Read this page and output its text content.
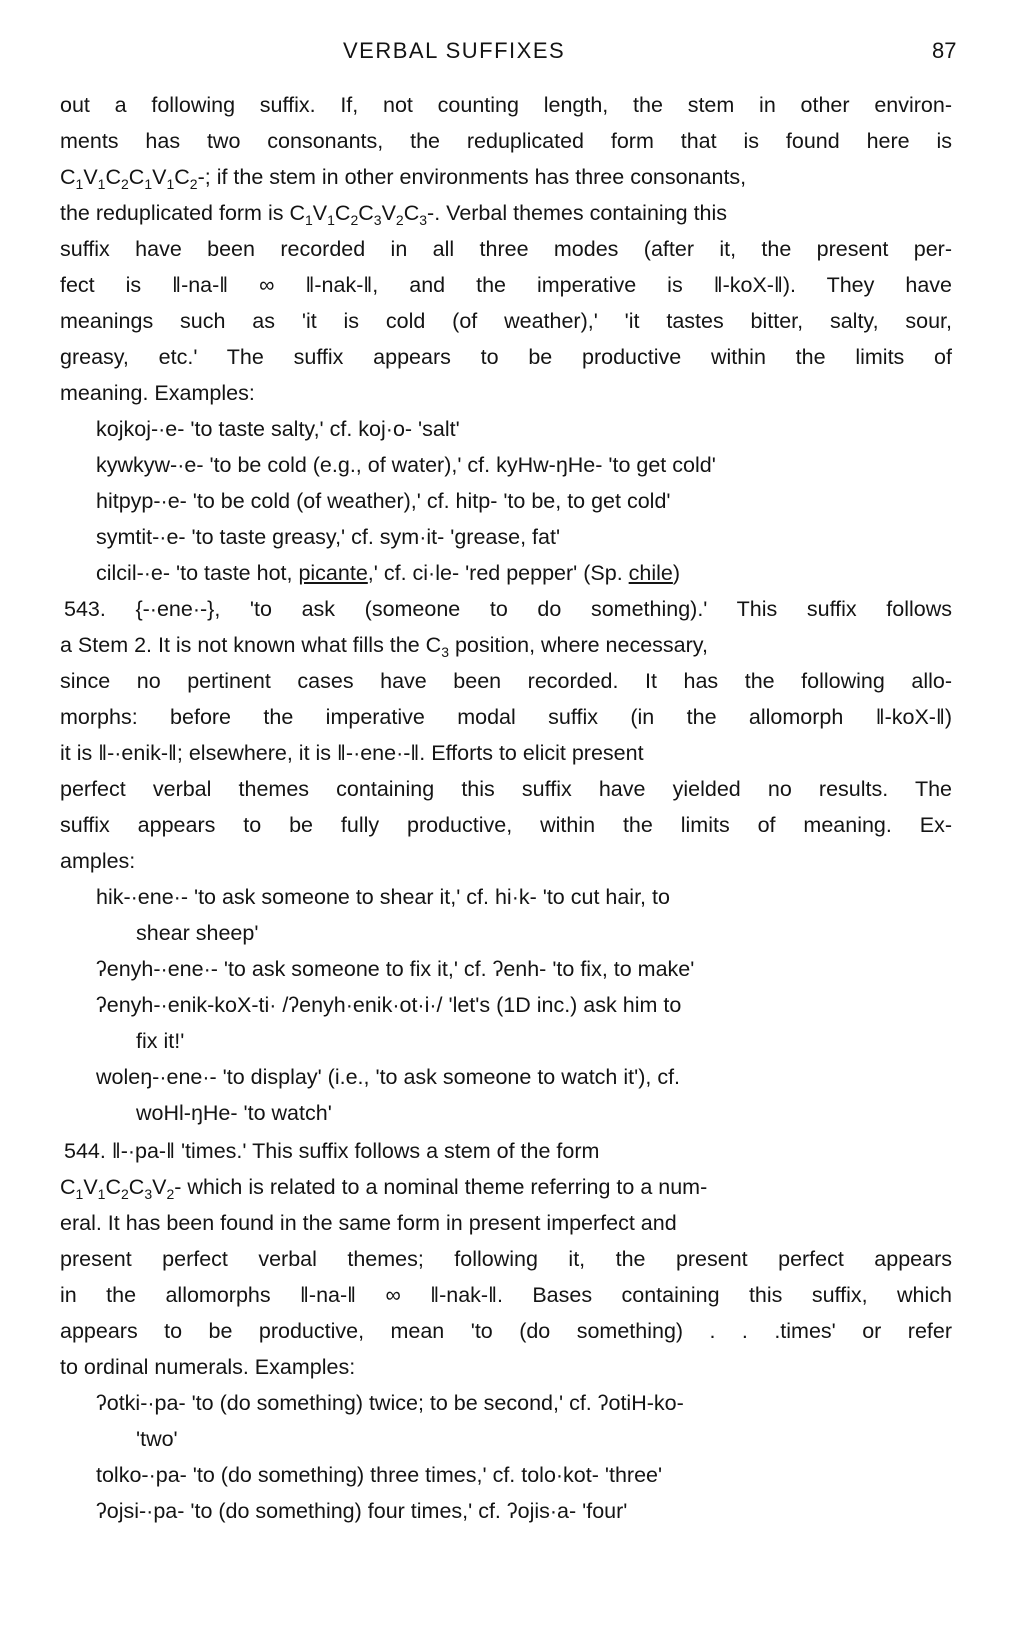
VERBAL SUFFIXES	87
out a following suffix. If, not counting length, the stem in other environ-
ments has two consonants, the reduplicated form that is found here is
$C_1V_1C_2C_1V_1C_2-$; if the stem in other environments has three consonants,
the reduplicated form is $C_1V_1C_2C_3V_2C_3-$. Verbal themes containing this
suffix have been recorded in all three modes (after it, the present per-
fect is ‖-na-‖ ∞ ‖-nak-‖, and the imperative is ‖-koX-‖). They have
meanings such as 'it is cold (of weather),' 'it tastes bitter, salty, sour,
greasy, etc.' The suffix appears to be productive within the limits of
meaning. Examples:
kojkoj-·e- 'to taste salty,' cf. koj·o- 'salt'
kywkyw-·e- 'to be cold (e.g., of water),' cf. kyHw-ŋHe- 'to get cold'
hitpyp-·e- 'to be cold (of weather),' cf. hitp- 'to be, to get cold'
symtit-·e- 'to taste greasy,' cf. sym·it- 'grease, fat'
cilcil-·e- 'to taste hot, picante,' cf. ci·le- 'red pepper' (Sp. chile)
543. {-·ene·-}, 'to ask (someone to do something).' This suffix follows
a Stem 2. It is not known what fills the $C_3$ position, where necessary,
since no pertinent cases have been recorded. It has the following allo-
morphs: before the imperative modal suffix (in the allomorph ‖-koX-‖)
it is ‖-·enik-‖; elsewhere, it is ‖-·ene·-‖. Efforts to elicit present
perfect verbal themes containing this suffix have yielded no results. The
suffix appears to be fully productive, within the limits of meaning. Ex-
amples:
hik-·ene·- 'to ask someone to shear it,' cf. hi·k- 'to cut hair, to
shear sheep'
ʔenyh-·ene·- 'to ask someone to fix it,' cf. ʔenh- 'to fix, to make'
ʔenyh-·enik-koX-ti· /ʔenyh·enik·ot·i·/ 'let's (1D inc.) ask him to
fix it!'
woleŋ-·ene·- 'to display' (i.e., 'to ask someone to watch it'), cf.
woHl-ŋHe- 'to watch'
544. ‖-·pa-‖ 'times.' This suffix follows a stem of the form
$C_1V_1C_2C_3V_2-$ which is related to a nominal theme referring to a num-
eral. It has been found in the same form in present imperfect and
present perfect verbal themes; following it, the present perfect appears
in the allomorphs ‖-na-‖ ∞ ‖-nak-‖. Bases containing this suffix, which
appears to be productive, mean 'to (do something) . . .times' or refer
to ordinal numerals. Examples:
ʔotki-·pa- 'to (do something) twice; to be second,' cf. ʔotiH-ko-
'two'
tolko-·pa- 'to (do something) three times,' cf. tolo·kot- 'three'
ʔojsi-·pa- 'to (do something) four times,' cf. ʔojis·a- 'four'
